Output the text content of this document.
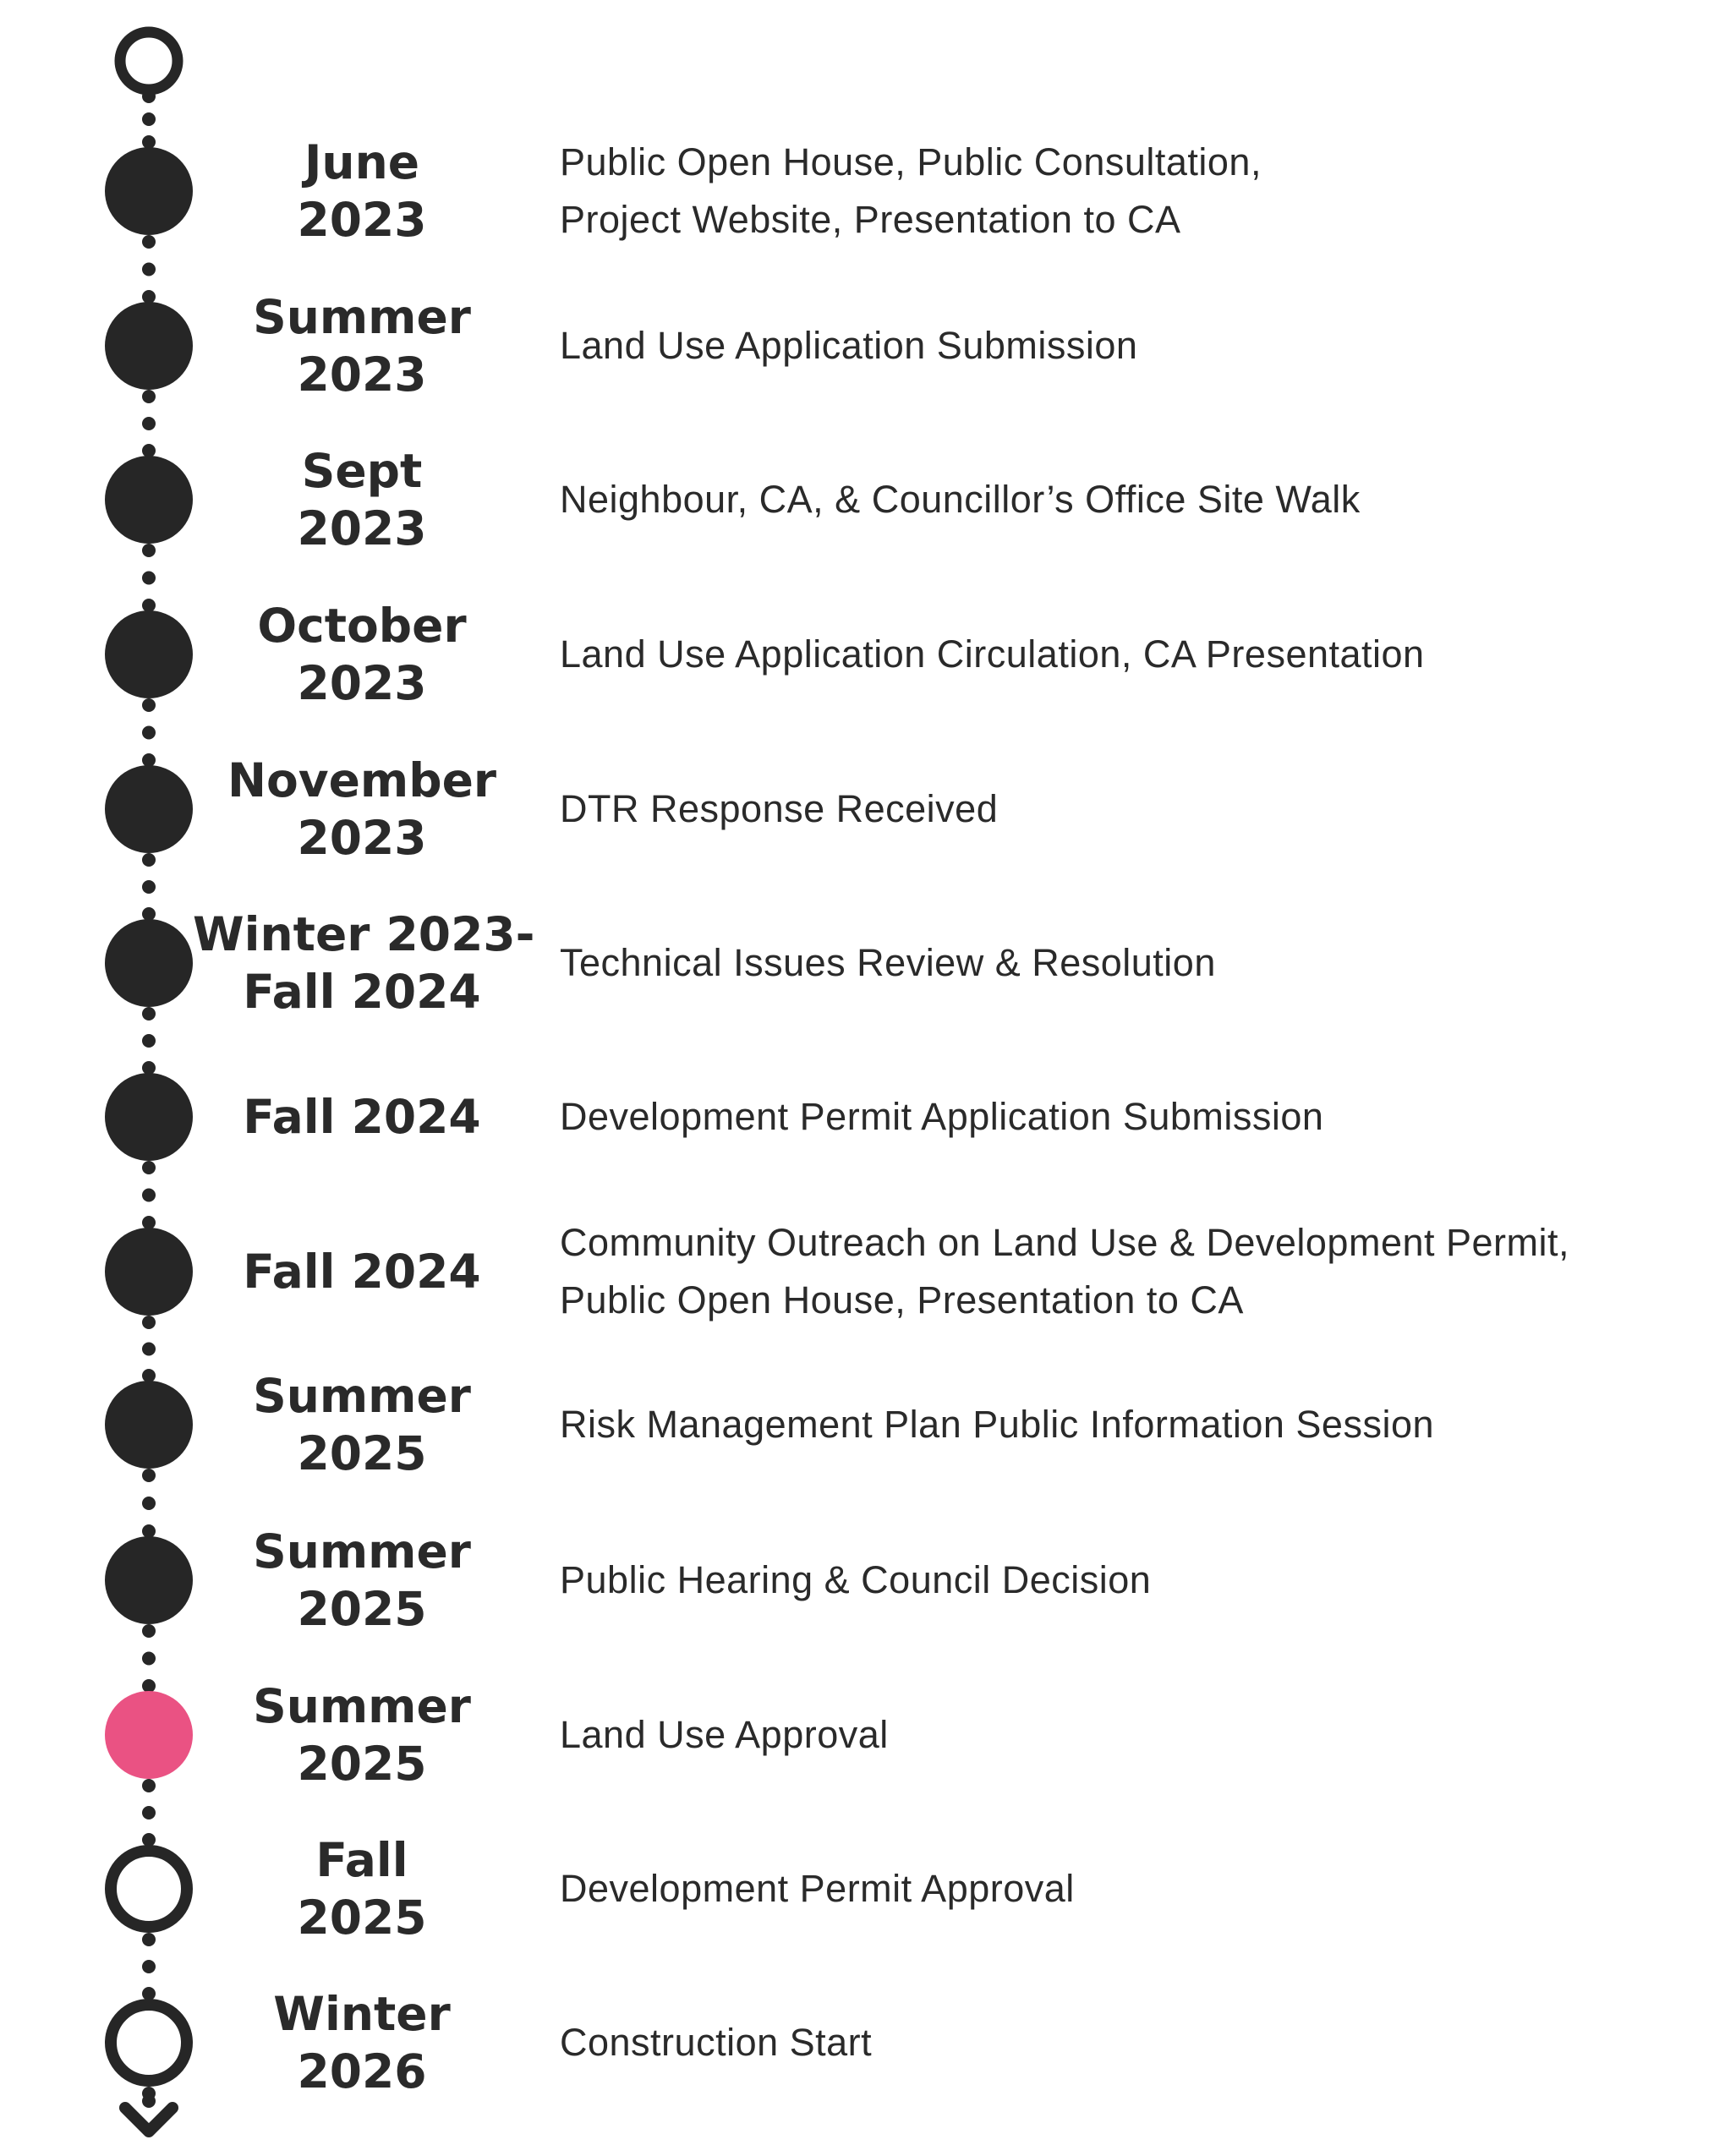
June
2023
Public Open House, Public Consultation,
Project Website, Presentation to CA
Summer
2023
Land Use Application Submission
Sept
2023
Neighbour, CA, & Councillor’s Office Site Walk
October
2023
Land Use Application Circulation, CA Presentation
November
2023
DTR Response Received
Winter 2023-
Fall 2024
Technical Issues Review & Resolution
Fall 2024	Development Permit Application Submission
Fall 2024
Community Outreach on Land Use & Development Permit,
Public Open House, Presentation to CA
Summer
2025
Risk Management Plan Public Information Session
Summer
2025
Public Hearing & Council Decision
Summer
2025
Land Use Approval
Fall
2025
Development Permit Approval
Winter
2026
Construction Start
